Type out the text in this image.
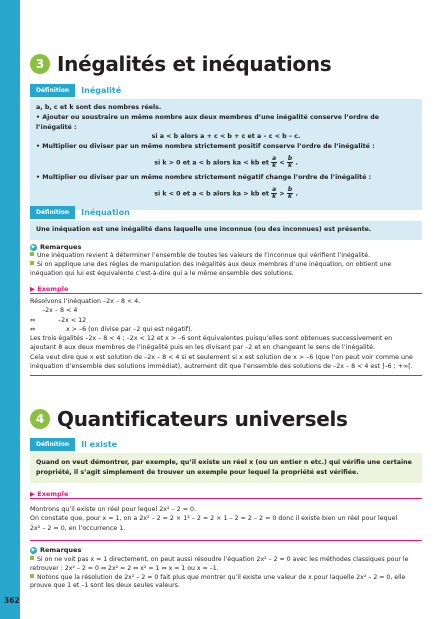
362
3 Inégalités et inéquations
Définition	Inégalité

a, b, c et k sont des nombres réels.

• Ajouter ou soustraire un même nombre aux deux membres d’une inégalité conserve l’ordre de l’inégalité :

si a < b alors a + c < b + c et a – c < b – c.

• Multiplier ou diviser par un même nombre strictement positif conserve l’ordre de l’inégalité :

si k > 0 et a < b alors ka < kb et $\frac{a}{k} < \frac{b}{k}$ .

• Multiplier ou diviser par un même nombre strictement négatif change l’ordre de l’inégalité :

si k < 0 et a < b alors ka > kb et $\frac{a}{k} > \frac{b}{k}$ .

Définition	Inéquation

Une inéquation est une inégalité dans laquelle une inconnue (ou des inconnues) est présente.

▶ Remarques

Une inéquation revient à déterminer l’ensemble de toutes les valeurs de l’inconnue qui vérifient l’inégalité.

Si on applique une des règles de manipulation des inégalités aux deux membres d’une inéquation, on obtient une inéquation qui lui est équivalente c’est-à-dire qui a le même ensemble des solutions.

▶ Exemple

Résolvons l’inéquation –2x – 8 < 4.

–2x – 8 < 4

⇔	–2x < 12

⇔	x > –6 (on divise par –2 qui est négatif).

Les trois égalités –2x – 8 < 4 ; –2x < 12 et x > –6 sont équivalentes puisqu’elles sont obtenues successivement en

ajoutant 8 aux deux membres de l’inégalité puis en les divisant par –2 et en changeant le sens de l’inégalité.

Cela veut dire que x est solution de –2x – 8 < 4 si et seulement si x est solution de x > –6 (que l’on peut voir comme une

inéquation d’ensemble des solutions immédiat), autrement dit que l’ensemble des solutions de –2x – 8 < 4 est ]–6 ; +∞[.

4 Quantificateurs universels
Définition	Il existe

Quand on veut démontrer, par exemple, qu’il existe un réel x (ou un entier n etc.) qui vérifie une certaine

propriété, il s’agit simplement de trouver un exemple pour lequel la propriété est vérifiée.

▶ Exemple

Montrons qu’il existe un réel pour lequel 2x² – 2 = 0.

On constate que, pour x = 1, on a 2x² – 2 = 2 × 1² – 2 = 2 × 1 – 2 = 2 – 2 = 0 donc il existe bien un réel pour lequel

2x² – 2 = 0, en l’occurrence 1.

▶ Remarques

Si on ne voit pas x = 1 directement, on peut aussi résoudre l’équation 2x² – 2 = 0 avec les méthodes classiques pour le retrouver : 2x² – 2 = 0 ⇔ 2x² = 2 ⇔ x² = 1 ⇔ x = 1 ou x = –1.

Notons que la résolution de 2x² – 2 = 0 fait plus que montrer qu’il existe une valeur de x pour laquelle 2x² – 2 = 0, elle prouve que 1 et –1 sont les deux seules valeurs.
